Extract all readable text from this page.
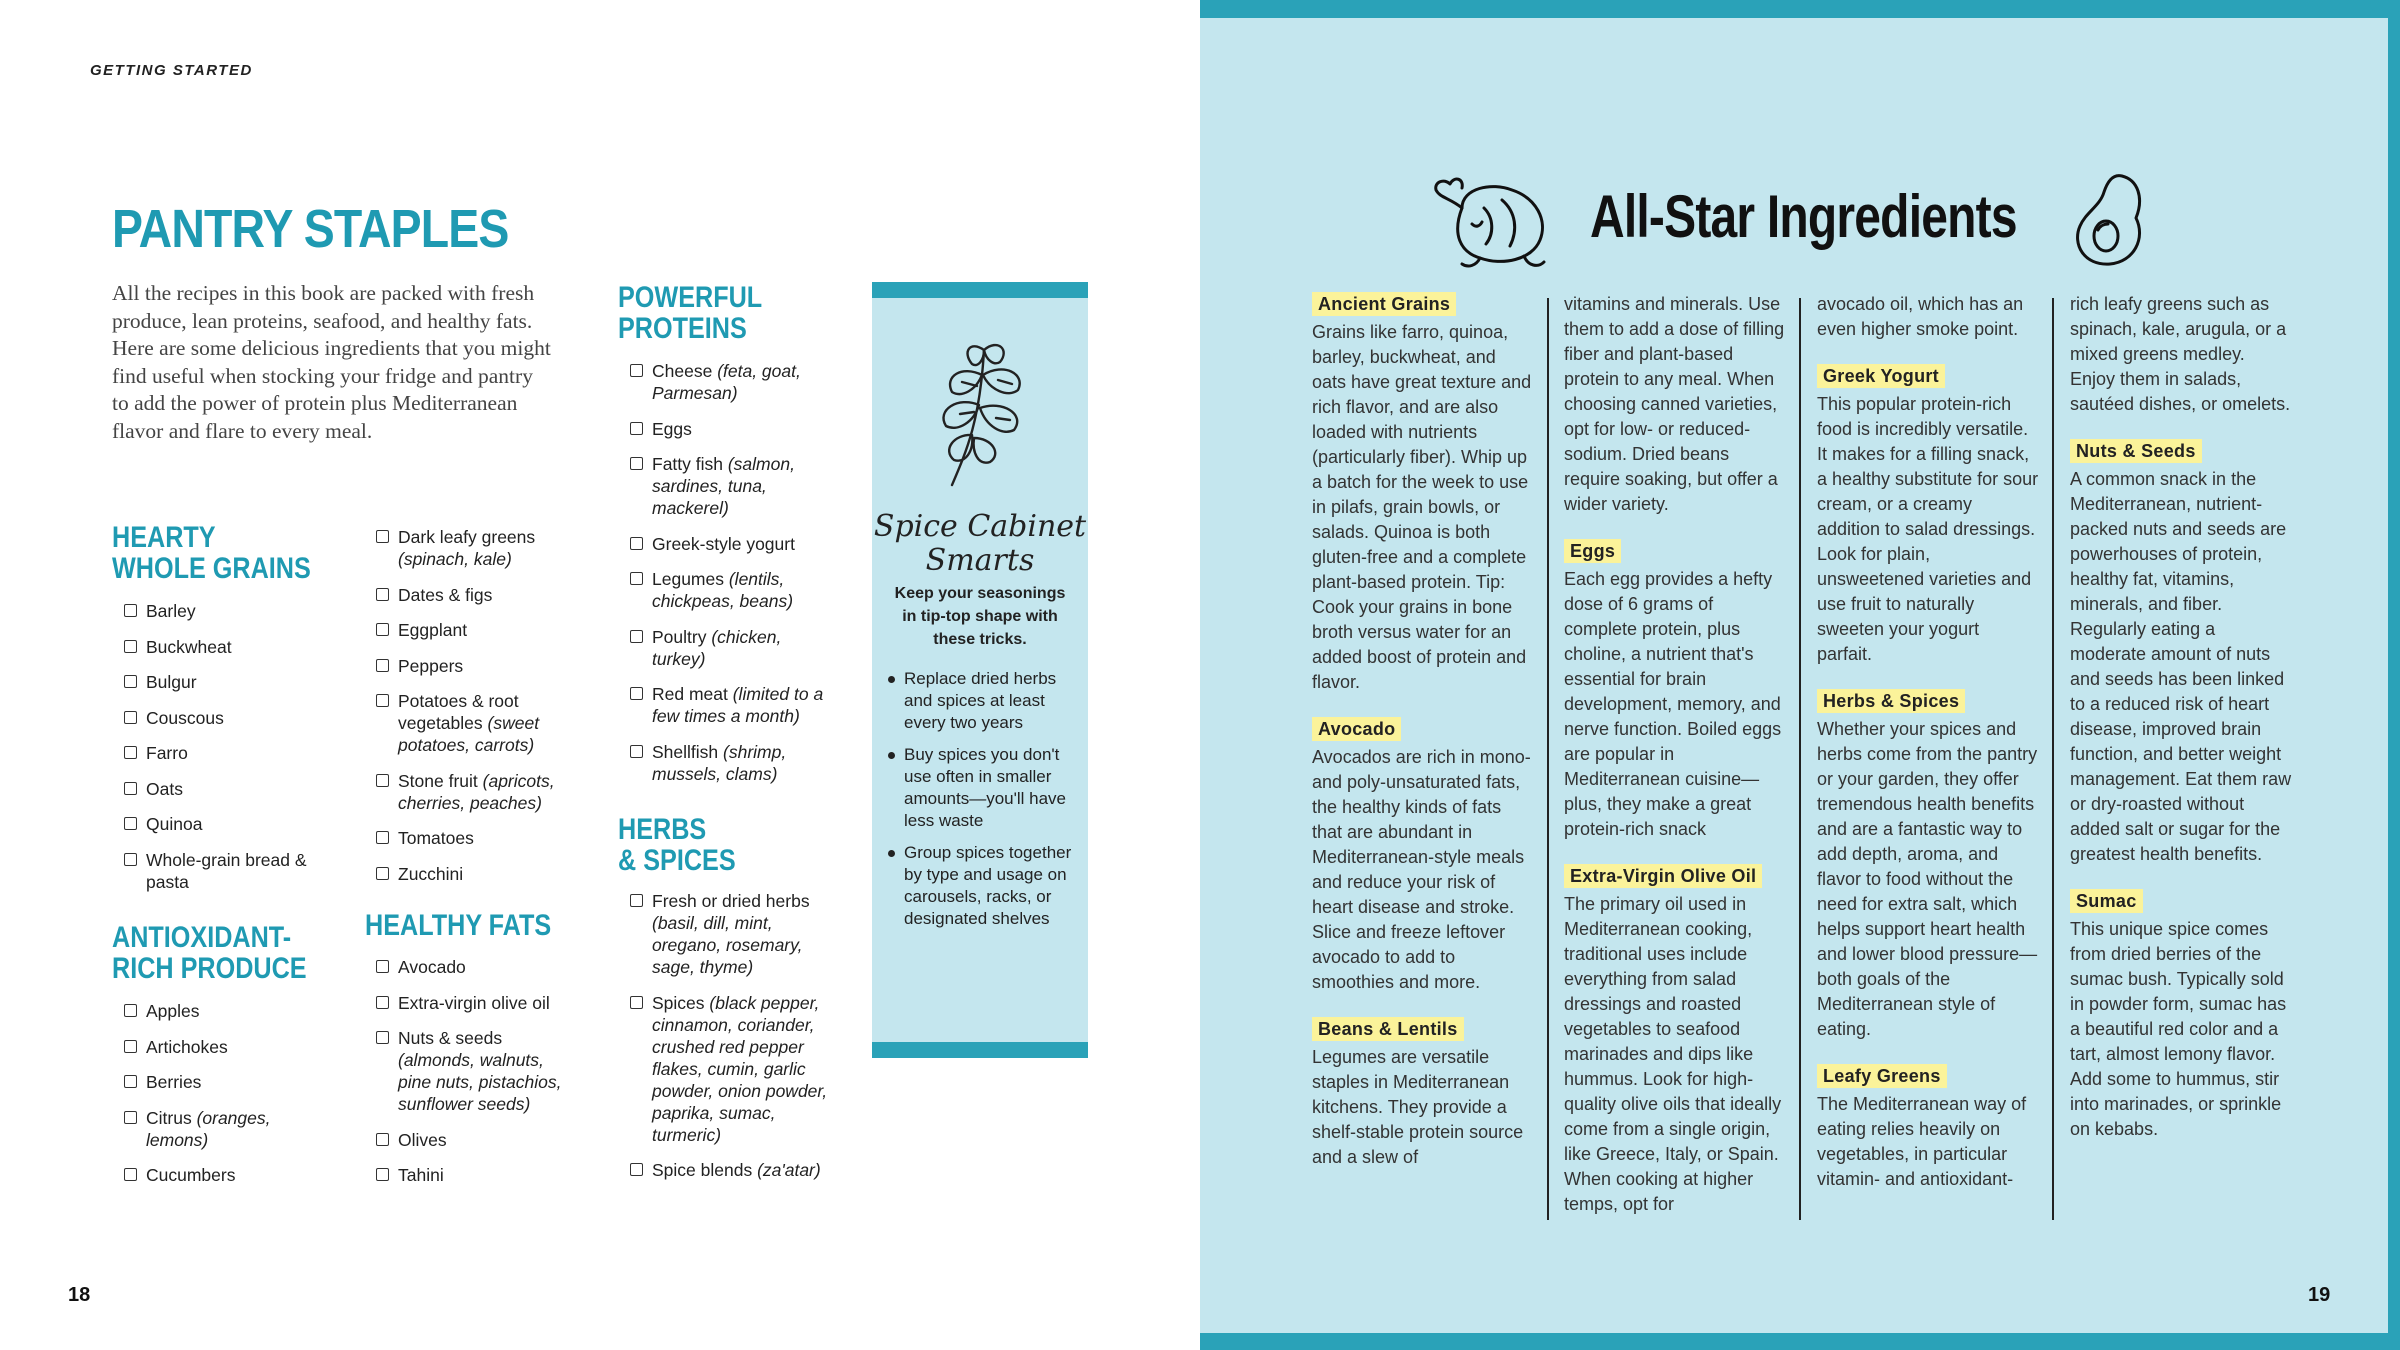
GETTING STARTED
PANTRY STAPLES
All the recipes in this book are packed with fresh produce, lean proteins, seafood, and healthy fats. Here are some delicious ingredients that you might find useful when stocking your fridge and pantry to add the power of protein plus Mediterranean flavor and flare to every meal.
HEARTY
WHOLE GRAINS
Barley
Buckwheat
Bulgur
Couscous
Farro
Oats
Quinoa
Whole-grain bread & pasta
ANTIOXIDANT-
RICH PRODUCE
Apples
Artichokes
Berries
Citrus (oranges, lemons)
Cucumbers
Dark leafy greens (spinach, kale)
Dates & figs
Eggplant
Peppers
Potatoes & root vegetables (sweet potatoes, carrots)
Stone fruit (apricots, cherries, peaches)
Tomatoes
Zucchini
HEALTHY FATS
Avocado
Extra-virgin olive oil
Nuts & seeds (almonds, walnuts, pine nuts, pistachios, sunflower seeds)
Olives
Tahini
POWERFUL
PROTEINS
Cheese (feta, goat, Parmesan)
Eggs
Fatty fish (salmon, sardines, tuna, mackerel)
Greek-style yogurt
Legumes (lentils, chickpeas, beans)
Poultry (chicken, turkey)
Red meat (limited to a few times a month)
Shellfish (shrimp, mussels, clams)
HERBS
& SPICES
Fresh or dried herbs (basil, dill, mint, oregano, rosemary, sage, thyme)
Spices (black pepper, cinnamon, coriander, crushed red pepper flakes, cumin, garlic powder, onion powder, paprika, sumac, turmeric)
Spice blends (za'atar)
Spice Cabinet
Smarts
Keep your seasonings in tip-top shape with these tricks.
Replace dried herbs and spices at least every two years
Buy spices you don't use often in smaller amounts—you'll have less waste
Group spices together by type and usage on carousels, racks, or designated shelves
18
All-Star Ingredients
Ancient Grains

Grains like farro, quinoa, barley, buckwheat, and oats have great texture and rich flavor, and are also loaded with nutrients (particularly fiber). Whip up a batch for the week to use in pilafs, grain bowls, or salads. Quinoa is both gluten-free and a complete plant-based protein. Tip: Cook your grains in bone broth versus water for an added boost of protein and flavor.

Avocado

Avocados are rich in mono- and poly-unsaturated fats, the healthy kinds of fats that are abundant in Mediterranean-style meals and reduce your risk of heart disease and stroke. Slice and freeze leftover avocado to add to smoothies and more.

Beans & Lentils

Legumes are versatile staples in Mediterranean kitchens. They provide a shelf-stable protein source and a slew of

vitamins and minerals. Use them to add a dose of filling fiber and plant-based protein to any meal. When choosing canned varieties, opt for low- or reduced-sodium. Dried beans require soaking, but offer a wider variety.

Eggs

Each egg provides a hefty dose of 6 grams of complete protein, plus choline, a nutrient that's essential for brain development, memory, and nerve function. Boiled eggs are popular in Mediterranean cuisine—plus, they make a great protein-rich snack

Extra-Virgin Olive Oil

The primary oil used in Mediterranean cooking, traditional uses include everything from salad dressings and roasted vegetables to seafood marinades and dips like hummus. Look for high-quality olive oils that ideally come from a single origin, like Greece, Italy, or Spain. When cooking at higher temps, opt for

avocado oil, which has an even higher smoke point.

Greek Yogurt

This popular protein-rich food is incredibly versatile. It makes for a filling snack, a healthy substitute for sour cream, or a creamy addition to salad dressings. Look for plain, unsweetened varieties and use fruit to naturally sweeten your yogurt parfait.

Herbs & Spices

Whether your spices and herbs come from the pantry or your garden, they offer tremendous health benefits and are a fantastic way to add depth, aroma, and flavor to food without the need for extra salt, which helps support heart health and lower blood pressure—both goals of the Mediterranean style of eating.

Leafy Greens

The Mediterranean way of eating relies heavily on vegetables, in particular vitamin- and antioxidant-

rich leafy greens such as spinach, kale, arugula, or a mixed greens medley. Enjoy them in salads, sautéed dishes, or omelets.

Nuts & Seeds

A common snack in the Mediterranean, nutrient-packed nuts and seeds are powerhouses of protein, healthy fat, vitamins, minerals, and fiber. Regularly eating a moderate amount of nuts and seeds has been linked to a reduced risk of heart disease, improved brain function, and better weight management. Eat them raw or dry-roasted without added salt or sugar for the greatest health benefits.

Sumac

This unique spice comes from dried berries of the sumac bush. Typically sold in powder form, sumac has a beautiful red color and a tart, almost lemony flavor. Add some to hummus, stir into marinades, or sprinkle on kebabs.

19
